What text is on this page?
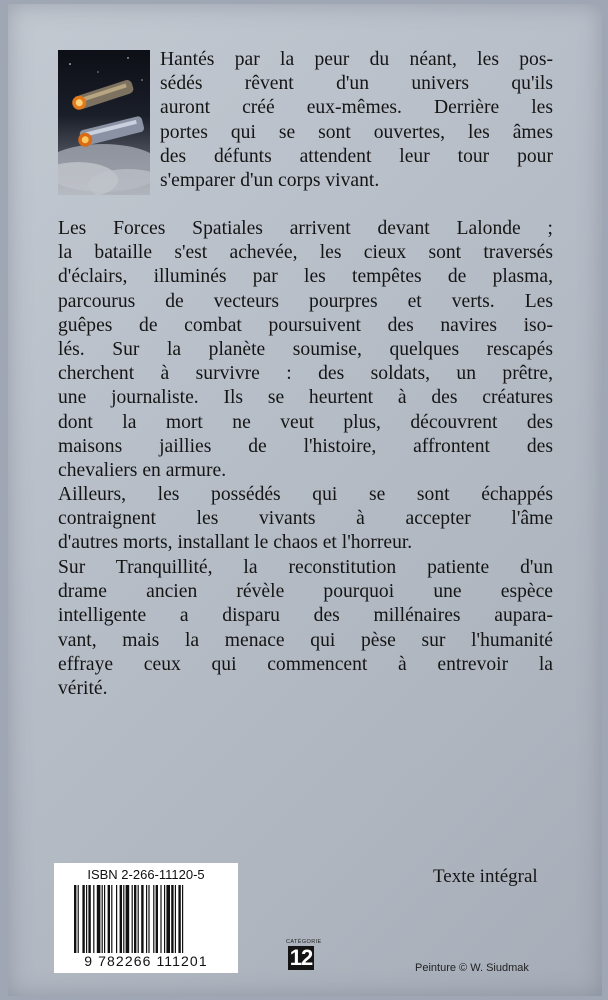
Hantés par la peur du néant, les pos-
sédés rêvent d'un univers qu'ils
auront créé eux-mêmes. Derrière les
portes qui se sont ouvertes, les âmes
des défunts attendent leur tour pour
s'emparer d'un corps vivant.
Les Forces Spatiales arrivent devant Lalonde ;
la bataille s'est achevée, les cieux sont traversés
d'éclairs, illuminés par les tempêtes de plasma,
parcourus de vecteurs pourpres et verts. Les
guêpes de combat poursuivent des navires iso-
lés. Sur la planète soumise, quelques rescapés
cherchent à survivre : des soldats, un prêtre,
une journaliste. Ils se heurtent à des créatures
dont la mort ne veut plus, découvrent des
maisons jaillies de l'histoire, affrontent des
chevaliers en armure.
Ailleurs, les possédés qui se sont échappés
contraignent les vivants à accepter l'âme
d'autres morts, installant le chaos et l'horreur.
Sur Tranquillité, la reconstitution patiente d'un
drame ancien révèle pourquoi une espèce
intelligente a disparu des millénaires aupara-
vant, mais la menace qui pèse sur l'humanité
effraye ceux qui commencent à entrevoir la
vérité.
ISBN 2-266-11120-5
9 782266 111201
Texte intégral
CATÉGORIE
12	Peinture © W. Siudmak
